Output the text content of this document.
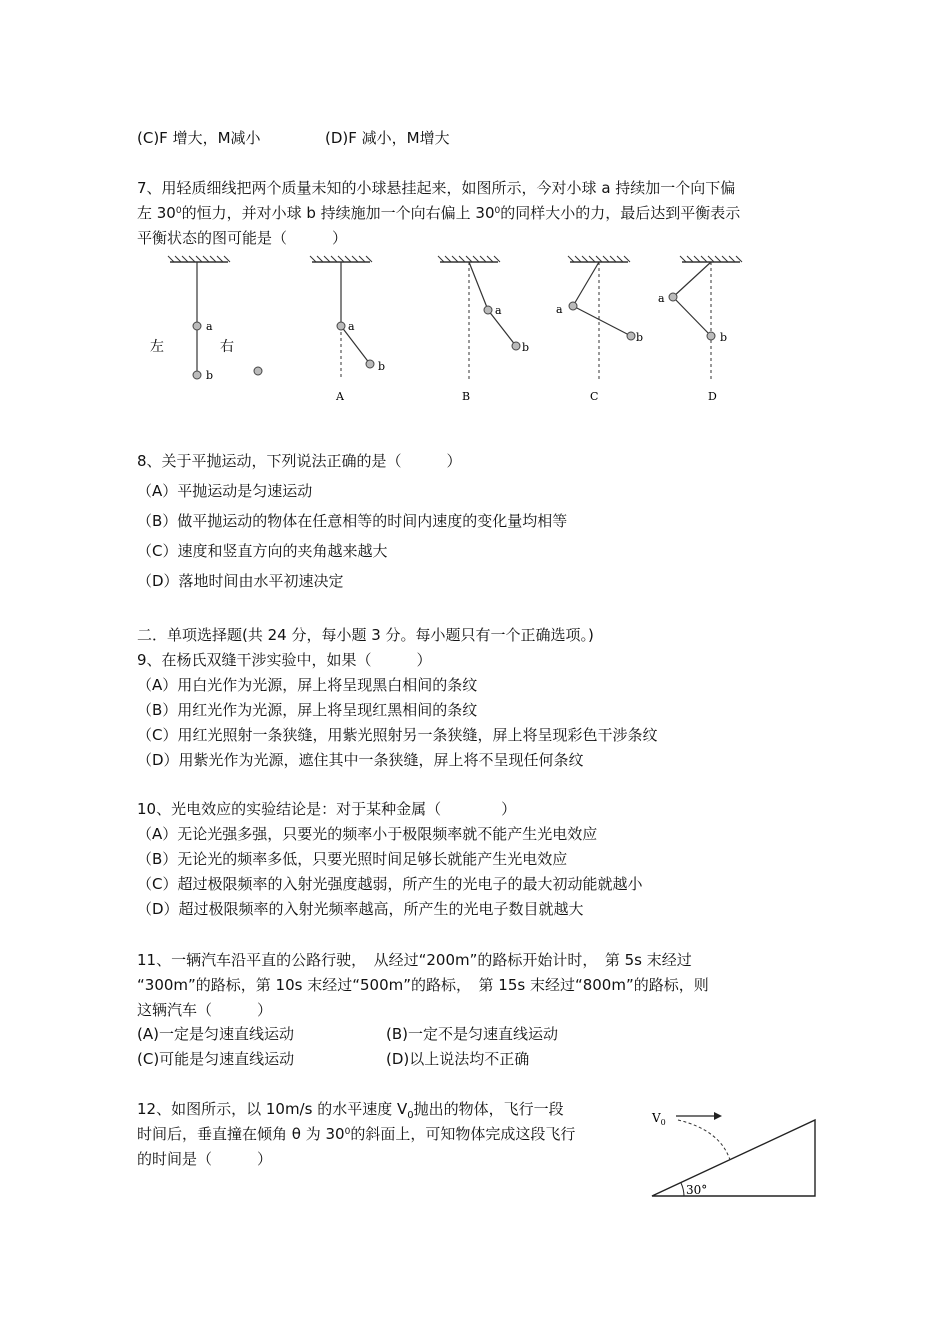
(C)F 增大，M减小	(D)F 减小，M增大
7、用轻质细线把两个质量未知的小球悬挂起来，如图所示，今对小球 a 持续加一个向下偏
左 $30^0$的恒力，并对小球 b 持续施加一个向右偏上 $30^0$的同样大小的力，最后达到平衡表示
平衡状态的图可能是（　　　）
a
b
左	右
a
b
A
a
b
B
a
b
C
a
b
D
8、关于平抛运动，下列说法正确的是（　　　）
（A）平抛运动是匀速运动
（B）做平抛运动的物体在任意相等的时间内速度的变化量均相等
（C）速度和竖直方向的夹角越来越大
（D）落地时间由水平初速决定
二．单项选择题(共 24 分，每小题 3 分。每小题只有一个正确选项。)
9、在杨氏双缝干涉实验中，如果（　　　）
（A）用白光作为光源，屏上将呈现黑白相间的条纹
（B）用红光作为光源，屏上将呈现红黑相间的条纹
（C）用红光照射一条狭缝，用紫光照射另一条狭缝，屏上将呈现彩色干涉条纹
（D）用紫光作为光源，遮住其中一条狭缝，屏上将不呈现任何条纹
10、光电效应的实验结论是：对于某种金属（　　　　）
（A）无论光强多强，只要光的频率小于极限频率就不能产生光电效应
（B）无论光的频率多低，只要光照时间足够长就能产生光电效应
（C）超过极限频率的入射光强度越弱，所产生的光电子的最大初动能就越小
（D）超过极限频率的入射光频率越高，所产生的光电子数目就越大
11、一辆汽车沿平直的公路行驶，　从经过“200m”的路标开始计时，　第 5s 末经过
“300m”的路标，第 10s 末经过“500m”的路标，　第 15s 末经过“800m”的路标，则
这辆汽车（　　　）
(A)一定是匀速直线运动	(B)一定不是匀速直线运动
(C)可能是匀速直线运动	(D)以上说法均不正确
12、如图所示，以 10m/s 的水平速度 $V_0$抛出的物体，飞行一段
时间后，垂直撞在倾角 θ 为 $30^0$的斜面上，可知物体完成这段飞行
的时间是（　　　）
$V_0$
30°
